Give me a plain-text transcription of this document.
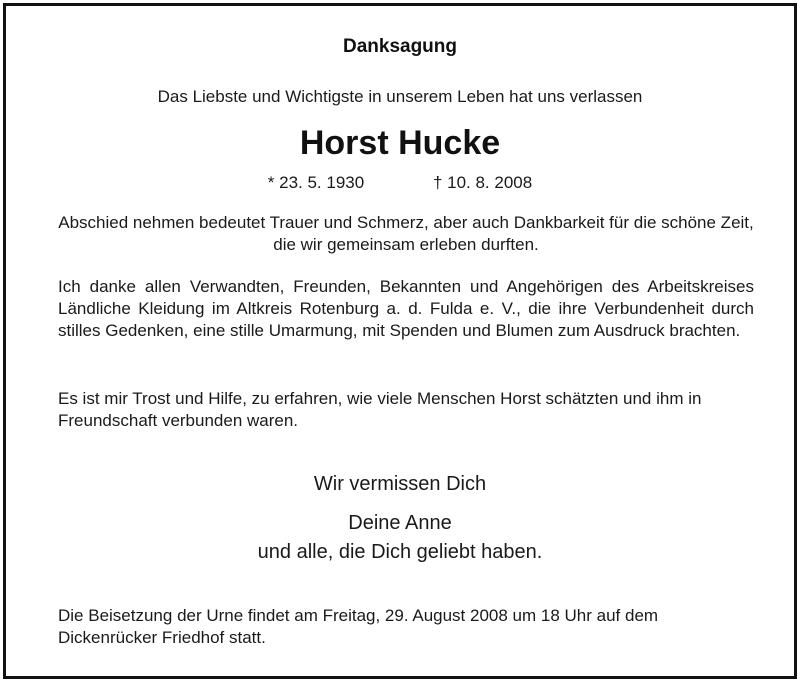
Danksagung
Das Liebste und Wichtigste in unserem Leben hat uns verlassen
Horst Hucke
* 23. 5. 1930	† 10. 8. 2008
Abschied nehmen bedeutet Trauer und Schmerz, aber auch Dankbarkeit für die schöne Zeit, die wir gemeinsam erleben durften.
Ich danke allen Verwandten, Freunden, Bekannten und Angehörigen des Arbeitskreises Ländliche Kleidung im Altkreis Rotenburg a. d. Fulda e. V., die ihre Verbundenheit durch stilles Gedenken, eine stille Umarmung, mit Spenden und Blumen zum Ausdruck brachten.
Es ist mir Trost und Hilfe, zu erfahren, wie viele Menschen Horst schätzten und ihm in Freundschaft verbunden waren.
Wir vermissen Dich
Deine Anne
und alle, die Dich geliebt haben.
Die Beisetzung der Urne findet am Freitag, 29. August 2008 um 18 Uhr auf dem Dickenrücker Friedhof statt.
